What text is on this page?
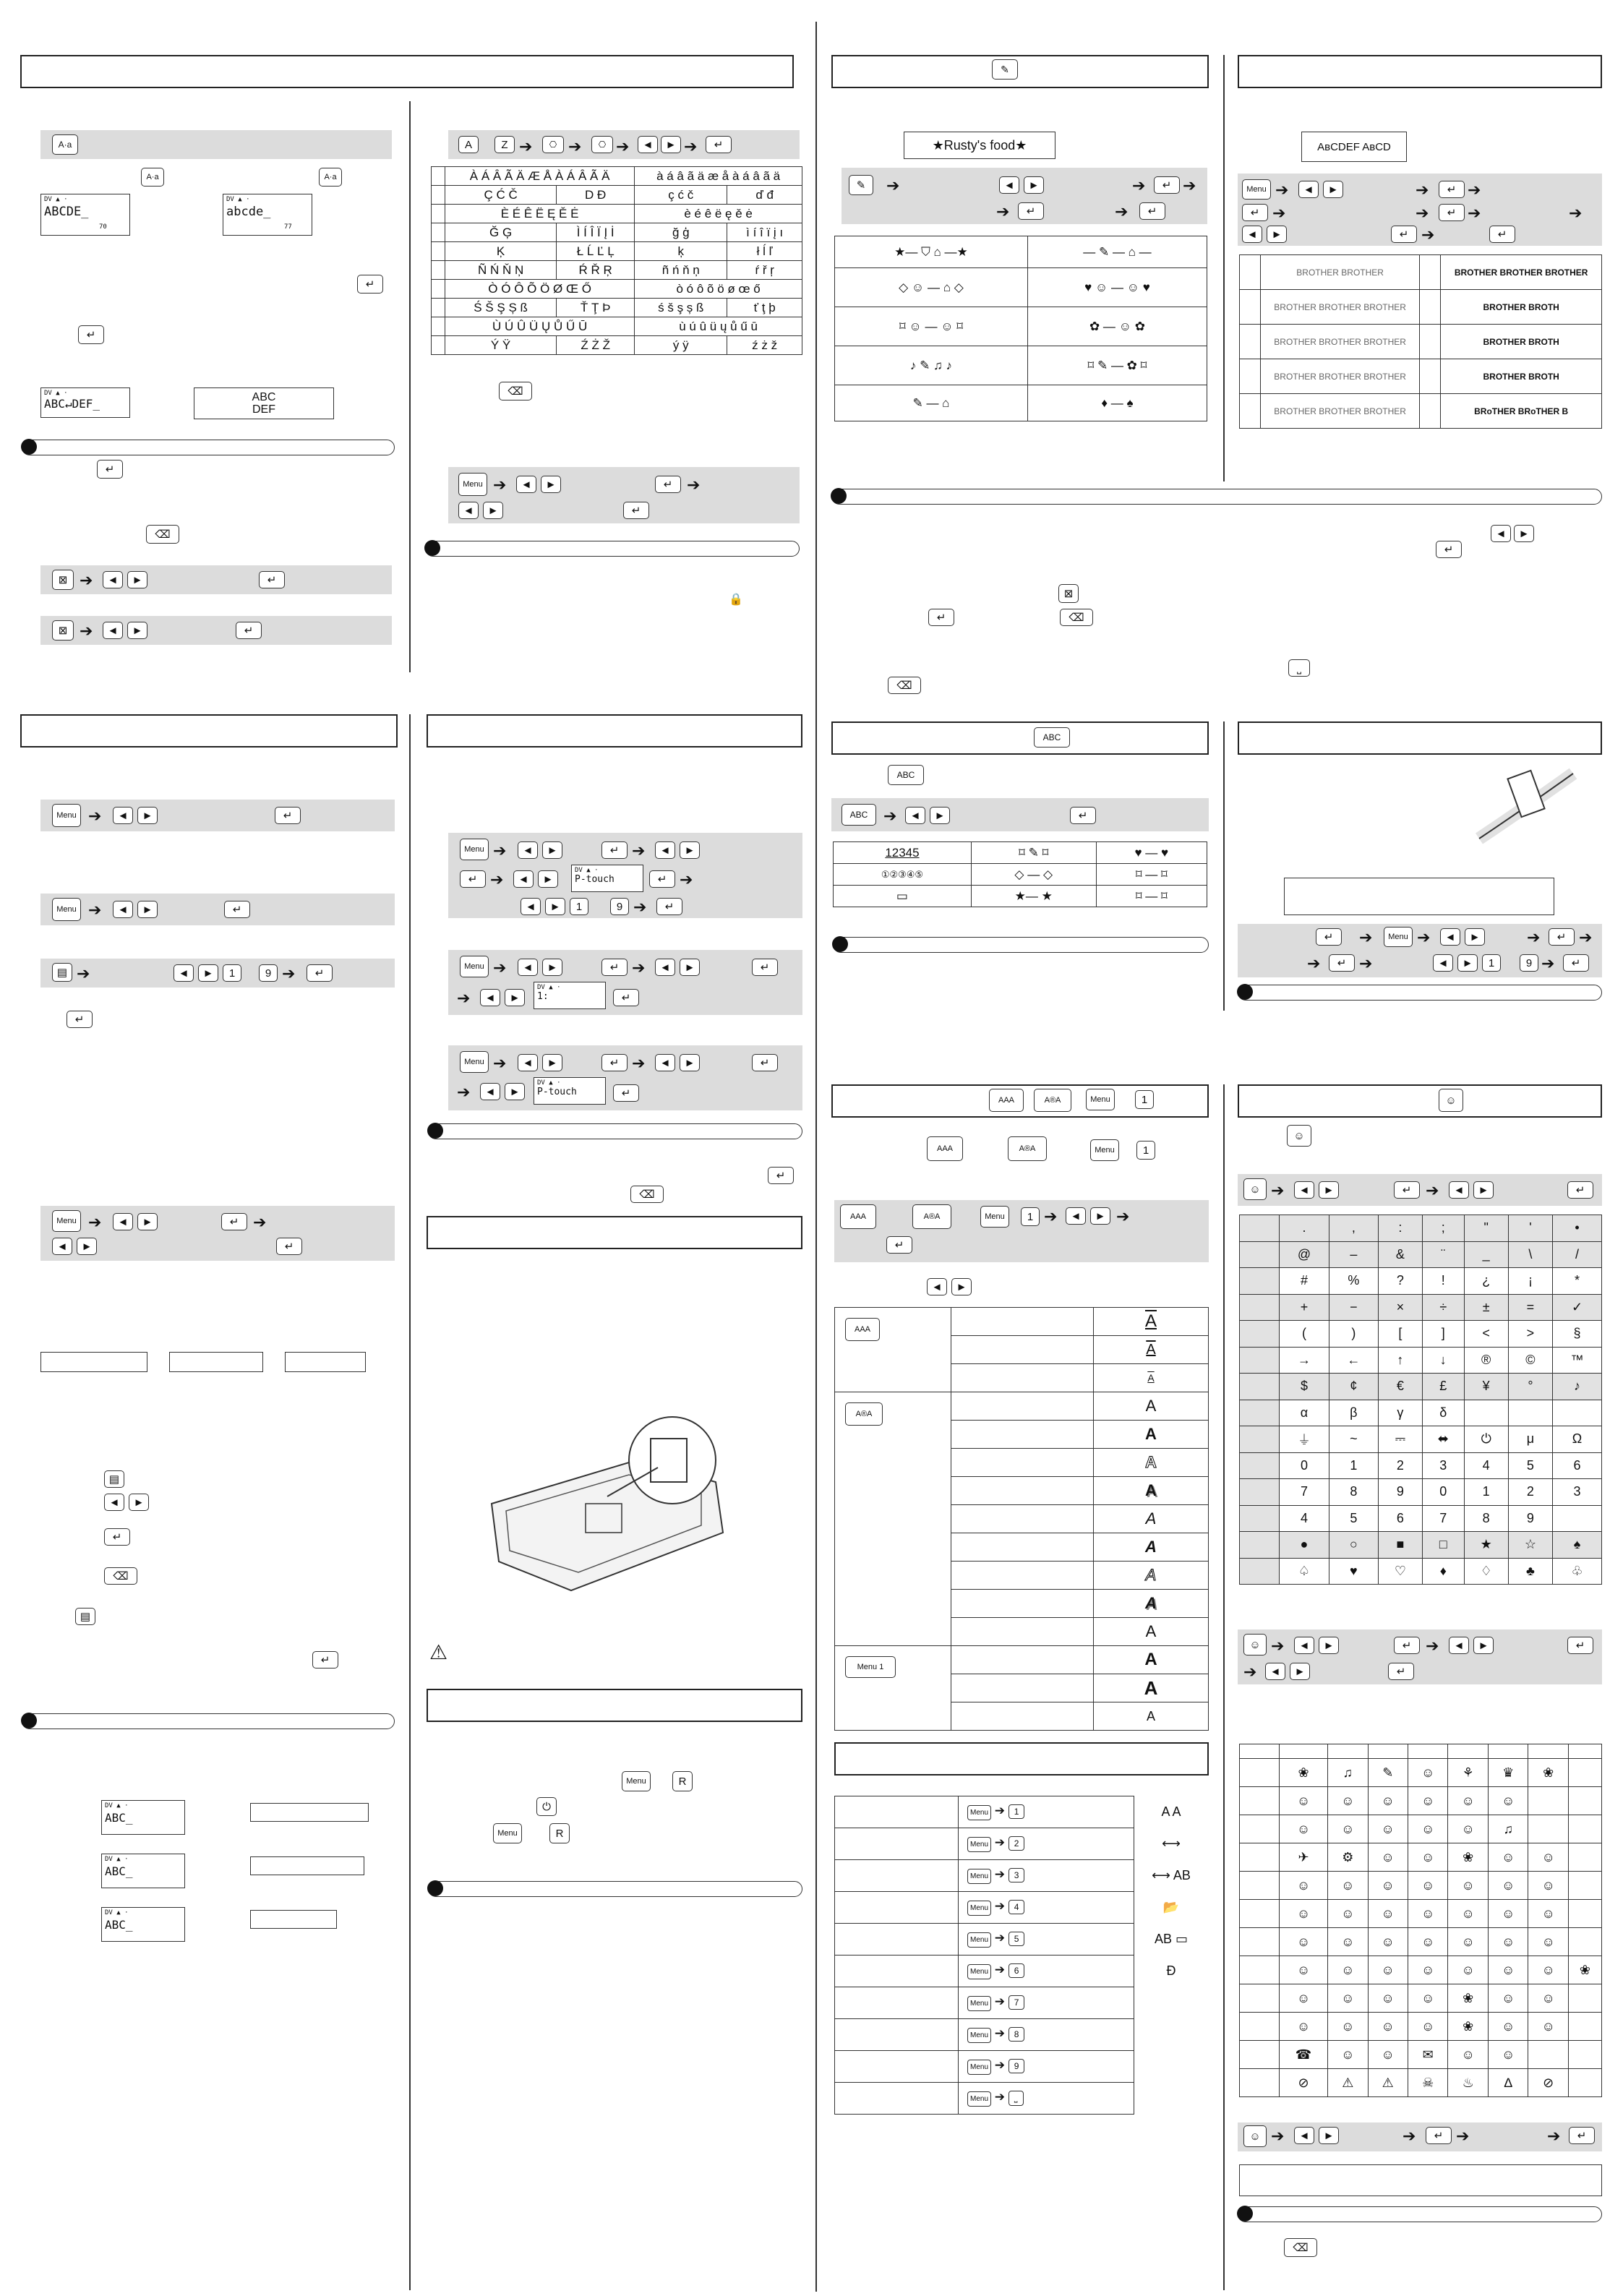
A·a
A·a	A·a
DV ▲ ·
ABCDE_
70
DV ▲ ·
abcde_
77
↵
↵
DV ▲ ·
ABC↵DEF_	ABC
DEF
↵
⌫
⊠ ➔	◄	►	↵
⊠ ➔	◄	►	↵
A	Z ➔	⎔ ➔	⎔ ➔	◄	► ➔	↵
	À Á Â Ã Ä Æ Å À Á Â Ã Ä		à á â ã ä æ å à á â ã ä	
	Ç Ć Č	D Đ	ç ć č	ď đ
	È É Ê Ë Ę Ě Ė		è é ê ë ę ě ė	
	Ğ Ģ	Ì Í Î Ï Į İ	ğ ģ	ì í î ï į ı
	Ķ	Ł Ĺ Ľ Ļ	ķ	ł ĺ ľ
	Ñ Ń Ň Ņ	Ŕ Ř Ŗ	ñ ń ň ņ	ŕ ř ŗ
	Ò Ó Ô Õ Ö Ø Œ Ő		ò ó ô õ ö ø œ ő	
	Ś Š Ş Ș ß	Ť Ţ Þ	ś š ş ș ß	ť ţ þ
	Ù Ú Û Ü Ų Ů Ű Ū		ù ú û ü ų ů ű ū	
	Ý Ÿ	Ź Ż Ž	ý ÿ	ź ż ž
⌫
Menu ➔	◄	►	↵ ➔
◄	►	↵
🔒
✎
★Rusty's food★
✎	➔	◄	►	➔	↵ ➔
➔	↵	➔	↵
★— ⛉ ⌂ —★	— ✎ — ⌂ —
◇ ☺ — ⌂ ◇	♥ ☺ — ☺ ♥
⌑ ☺ — ☺ ⌑	✿ — ☺ ✿
♪ ✎ ♫ ♪	⌑ ✎ — ✿ ⌑
✎ — ⌂	♦ — ♠
AʙCDEF AʙCD
Menu ➔	◄	►	➔	↵ ➔
↵ ➔	➔	↵ ➔	➔
◄	►	↵ ➔	↵
	BROTHER BROTHER		BROTHER BROTHER BROTHER
	BROTHER BROTHER BROTHER		BROTHER BROTH
	BROTHER BROTHER BROTHER		BROTHER BROTH
	BROTHER BROTHER BROTHER		BROTHER BROTH
	BROTHER BROTHER BROTHER		BRoTHER BRoTHER B
◄	►
↵
⊠
↵	⌫
⎵
⌫
Menu ➔	◄	►	↵
Menu ➔	◄	►	↵
▤ ➔	◄	►	1	9 ➔	↵
↵
Menu ➔	◄	►	↵ ➔
◄	►	↵
▤
◄	►
↵
⌫
▤
↵
DV ▲ ·
ABC_
DV ▲ ·
ABC_
DV ▲ ·
ABC_
Menu ➔	◄	►	↵ ➔	◄	►
↵ ➔	◄	►
DV ▲ ·
P-touch	↵ ➔
◄	►	1	9 ➔	↵
Menu ➔	◄	►	↵ ➔	◄	►	↵
➔	◄	►
DV ▲ ·
1:	↵
Menu ➔	◄	►	↵ ➔	◄	►	↵
➔	◄	►
DV ▲ ·
P-touch	↵
↵
⌫
⚠
Menu	R
⏻
Menu	R
ABC
ABC
ABC ➔	◄	►	↵
12345	⌑ ✎ ⌑	♥ — ♥
①②③④⑤	◇ — ◇	⌑ — ⌑
▭	★— ★	⌑ — ⌑
↵	➔	Menu ➔	◄	►	➔	↵ ➔
➔	↵ ➔	◄	►	1	9 ➔	↵
AAA	A®A	Menu	1
AAA	A®A	Menu	1
AAA	A®A	Menu	1 ➔	◄	► ➔
↵
◄	►
AAA		A
		A
		A

A®A		A
		A
		A
		A
		A
		A
		A
		A
		A

Menu 1		A
		A
		A
	Menu ➔ 1	A A
	Menu ➔ 2	⟷
	Menu ➔ 3	⟷ AB
	Menu ➔ 4	📂
	Menu ➔ 5	AB ▭
	Menu ➔ 6	Ð
	Menu ➔ 7	
	Menu ➔ 8	
	Menu ➔ 9	
	Menu ➔ ⎵	
☺
☺
☺ ➔	◄	►	↵ ➔	◄	►	↵
	.	,	:	;	"	'	•
	@	–	&	¨	_	\	/
	#	%	?	!	¿	¡	*
	+	−	×	÷	±	=	✓
	(	)	[	]	<	>	§
	→	←	↑	↓	®	©	™
	$	¢	€	£	¥	°	♪
	α	β	γ	δ			
	⏚	~	⎓	⬌	⏻	μ	Ω
	0	1	2	3	4	5	6
	7	8	9	0	1	2	3
	4	5	6	7	8	9	
	●	○	■	□	★	☆	♠
	♤	♥	♡	♦	♢	♣	♧
☺ ➔	◄	►	↵ ➔	◄	►	↵
➔	◄	►	↵

	❀	♫	✎	☺	⚘	♛	❀	
	☺	☺	☺	☺	☺	☺		
	☺	☺	☺	☺	☺	♫		
	✈	⚙	☺	☺	❀	☺	☺	
	☺	☺	☺	☺	☺	☺	☺	
	☺	☺	☺	☺	☺	☺	☺	
	☺	☺	☺	☺	☺	☺	☺	
	☺	☺	☺	☺	☺	☺	☺	❀
	☺	☺	☺	☺	❀	☺	☺	
	☺	☺	☺	☺	❀	☺	☺	
	☎	☺	☺	✉	☺	☺		
	⊘	⚠	⚠	☠	♨	∆	⊘	
☺ ➔	◄	►	➔	↵ ➔	➔	↵
⌫
